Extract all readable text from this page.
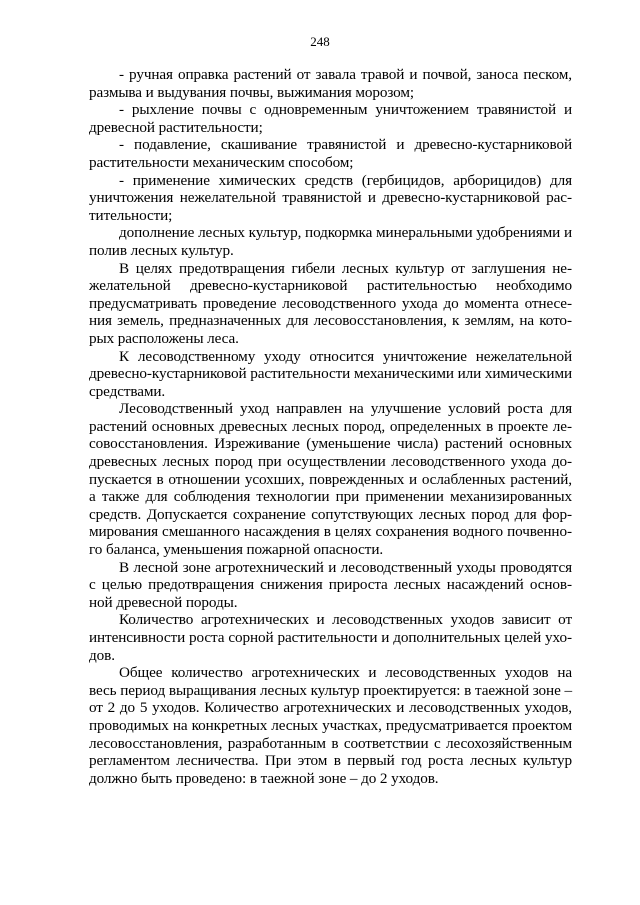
248

- ручная оправка растений от завала травой и почвой, заноса песком, размыва и выдувания почвы, выжимания морозом;

- рыхление почвы с одновременным уничтожением травянистой и древесной растительности;

- подавление, скашивание травянистой и древесно-кустарниковой растительности механическим способом;

- применение химических средств (гербицидов, арборицидов) для уничтожения нежелательной травянистой и древесно-кустарниковой растительности;

дополнение лесных культур, подкормка минеральными удобрениями и полив лесных культур.

В целях предотвращения гибели лесных культур от заглушения нежелательной древесно-кустарниковой растительностью необходимо предусматривать проведение лесоводственного ухода до момента отнесения земель, предназначенных для лесовосстановления, к землям, на которых расположены леса.

К лесоводственному уходу относится уничтожение нежелательной древесно-кустарниковой растительности механическими или химическими средствами.

Лесоводственный уход направлен на улучшение условий роста для растений основных древесных лесных пород, определенных в проекте лесовосстановления. Изреживание (уменьшение числа) растений основных древесных лесных пород при осуществлении лесоводственного ухода допускается в отношении усохших, поврежденных и ослабленных растений, а также для соблюдения технологии при применении механизированных средств. Допускается сохранение сопутствующих лесных пород для формирования смешанного насаждения в целях сохранения водного почвенного баланса, уменьшения пожарной опасности.

В лесной зоне агротехнический и лесоводственный уходы проводятся с целью предотвращения снижения прироста лесных насаждений основной древесной породы.

Количество агротехнических и лесоводственных уходов зависит от интенсивности роста сорной растительности и дополнительных целей уходов.

Общее количество агротехнических и лесоводственных уходов на весь период выращивания лесных культур проектируется: в таежной зоне – от 2 до 5 уходов. Количество агротехнических и лесоводственных уходов, проводимых на конкретных лесных участках, предусматривается проектом лесовосстановления, разработанным в соответствии с лесохозяйственным регламентом лесничества. При этом в первый год роста лесных культур должно быть проведено: в таежной зоне – до 2 уходов.
